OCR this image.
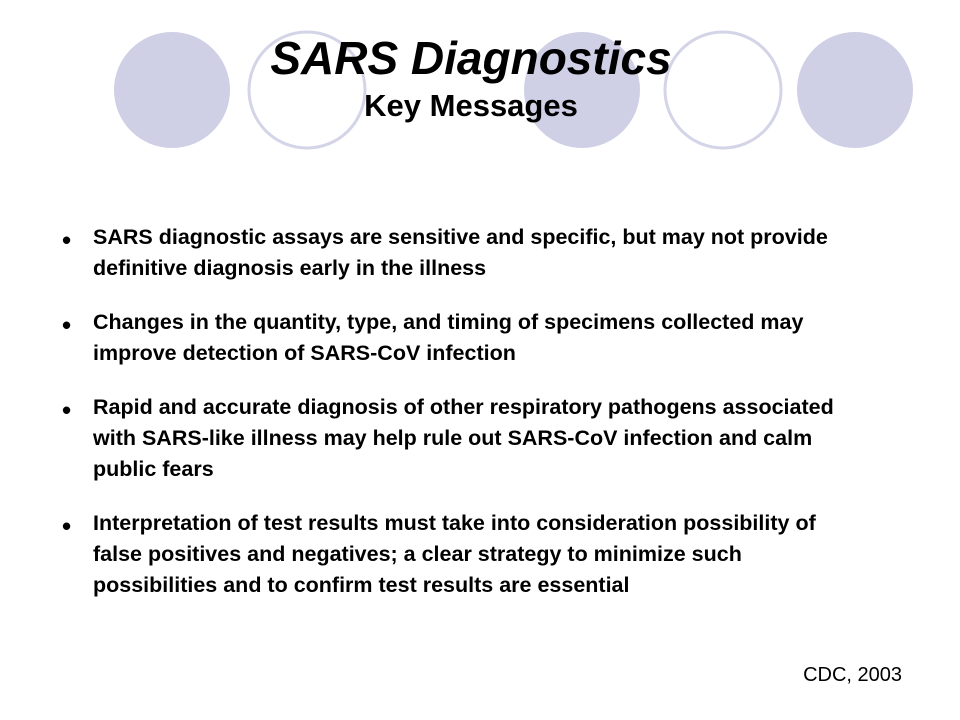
SARS Diagnostics
Key Messages
• SARS diagnostic assays are sensitive and specific, but may not provide definitive diagnosis early in the illness
• Changes in the quantity, type, and timing of specimens collected may improve detection of SARS-CoV infection
• Rapid and accurate diagnosis of other respiratory pathogens associated with SARS-like illness may help rule out SARS-CoV infection and calm public fears
• Interpretation of test results must take into consideration possibility of false positives and negatives; a clear strategy to minimize such possibilities and to confirm test results are essential
CDC, 2003
